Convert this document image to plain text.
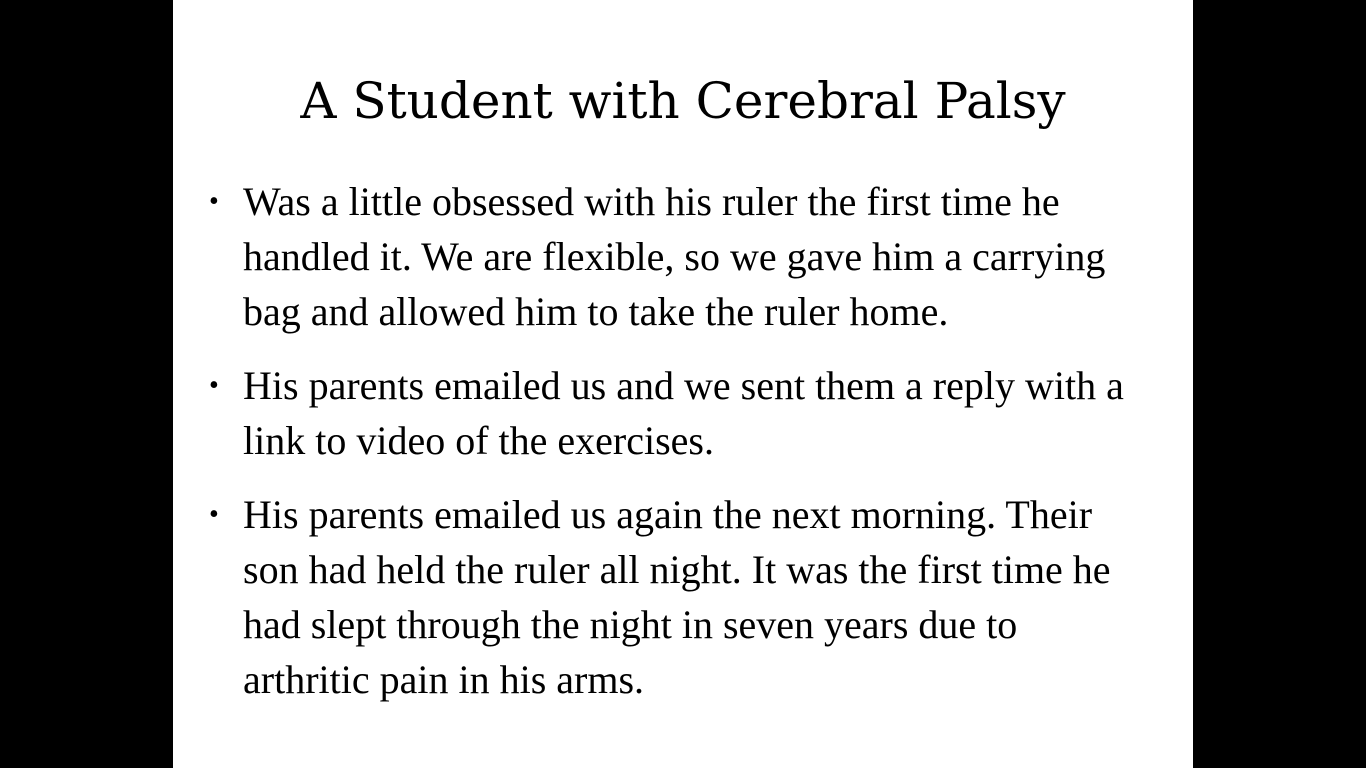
A Student with Cerebral Palsy
• Was a little obsessed with his ruler the first time he handled it. We are flexible, so we gave him a carrying bag and allowed him to take the ruler home.
• His parents emailed us and we sent them a reply with a link to video of the exercises.
• His parents emailed us again the next morning. Their son had held the ruler all night. It was the first time he had slept through the night in seven years due to arthritic pain in his arms.
